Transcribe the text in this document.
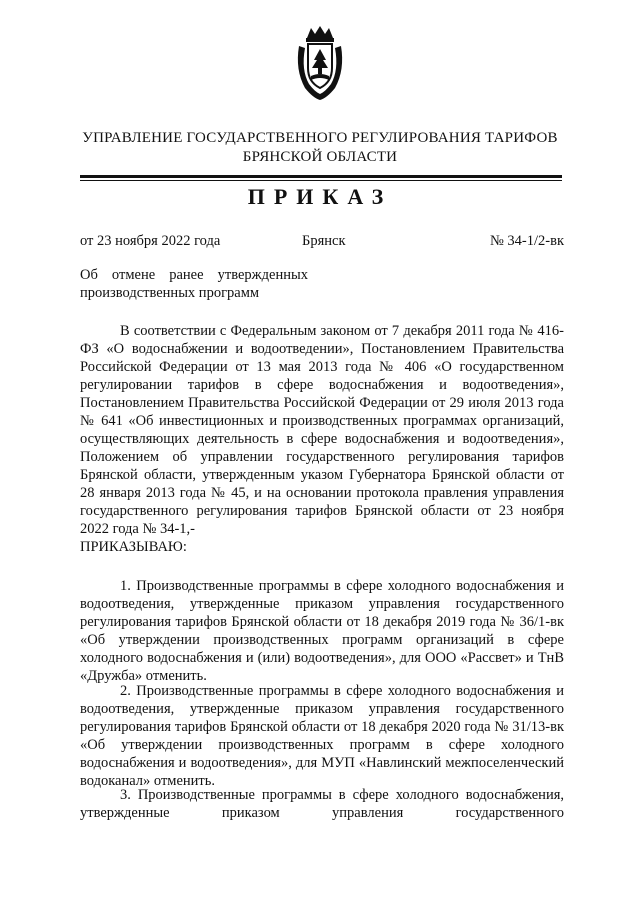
УПРАВЛЕНИЕ ГОСУДАРСТВЕННОГО РЕГУЛИРОВАНИЯ ТАРИФОВ
БРЯНСКОЙ ОБЛАСТИ
ПРИКАЗ
от 23 ноября 2022 года	Брянск	№ 34-1/2-вк
Об отмене ранее утвержденных
производственных программ
В соответствии с Федеральным законом от 7 декабря 2011 года № 416-ФЗ «О водоснабжении и водоотведении», Постановлением Правительства Российской Федерации от 13 мая 2013 года № 406 «О государственном регулировании тарифов в сфере водоснабжения и водоотведения», Постановлением Правительства Российской Федерации от 29 июля 2013 года № 641 «Об инвестиционных и производственных программах организаций, осуществляющих деятельность в сфере водоснабжения и водоотведения», Положением об управлении государственного регулирования тарифов Брянской области, утвержденным указом Губернатора Брянской области от 28 января 2013 года № 45, и на основании протокола правления управления государственного регулирования тарифов Брянской области от 23 ноября 2022 года № 34-1,-
ПРИКАЗЫВАЮ:
1. Производственные программы в сфере холодного водоснабжения и водоотведения, утвержденные приказом управления государственного регулирования тарифов Брянской области от 18 декабря 2019 года № 36/1-вк «Об утверждении производственных программ организаций в сфере холодного водоснабжения и (или) водоотведения», для ООО «Рассвет» и ТнВ «Дружба» отменить.
2. Производственные программы в сфере холодного водоснабжения и водоотведения, утвержденные приказом управления государственного регулирования тарифов Брянской области от 18 декабря 2020 года № 31/13-вк «Об утверждении производственных программ в сфере холодного водоснабжения и водоотведения», для МУП «Навлинский межпоселенческий водоканал» отменить.
3. Производственные программы в сфере холодного водоснабжения, утвержденные приказом управления государственного
